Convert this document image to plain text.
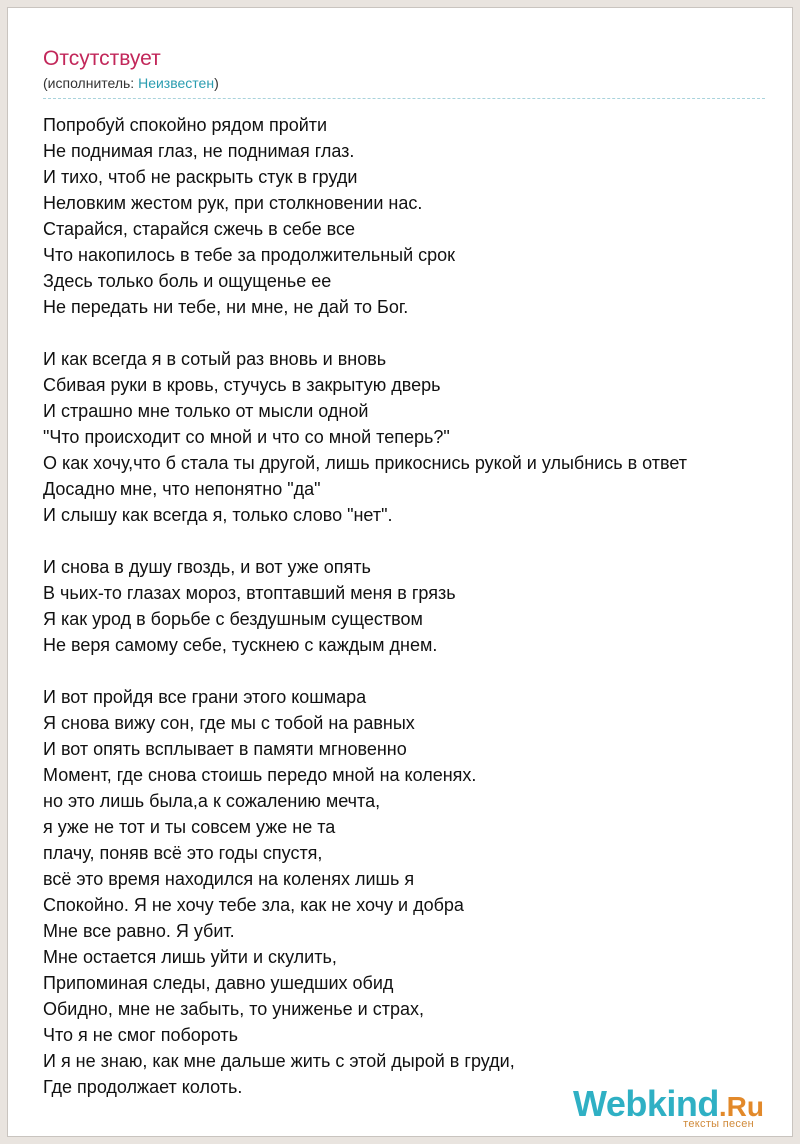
Отсутствует
(исполнитель: Неизвестен)
Попробуй спокойно рядом пройти
Не поднимая глаз, не поднимая глаз.
И тихо, чтоб не раскрыть стук в груди
Неловким жестом рук, при столкновении нас.
Старайся, старайся сжечь в себе все
Что накопилось в тебе за продолжительный срок
Здесь только боль и ощущенье ее
Не передать ни тебе, ни мне, не дай то Бог.
И как всегда я в сотый раз вновь и вновь
Сбивая руки в кровь, стучусь в закрытую дверь
И страшно мне только от мысли одной
"Что происходит со мной и что со мной теперь?"
О как хочу,что б стала ты другой, лишь прикоснись рукой и улыбнись в ответ
Досадно мне, что непонятно "да"
И слышу как всегда я, только слово "нет".
И снова в душу гвоздь, и вот уже опять
В чьих-то глазах мороз, втоптавший меня в грязь
Я как урод в борьбе с бездушным существом
Не веря самому себе, тускнею с каждым днем.
И вот пройдя все грани этого кошмара
Я снова вижу сон, где мы с тобой на равных
И вот опять всплывает в памяти мгновенно
Момент, где снова стоишь передо мной на коленях.
но это лишь была,а к сожалению мечта,
я уже не тот и ты совсем уже не та
плачу, поняв всё это годы спустя,
всё это время находился на коленях лишь я
Спокойно. Я не хочу тебе зла, как не хочу и добра
Мне все равно. Я убит.
Мне остается лишь уйти и скулить,
Припоминая следы, давно ушедших обид
Обидно, мне не забыть, то униженье и страх,
Что я не смог побороть
И я не знаю, как мне дальше жить с этой дырой в груди,
Где продолжает колоть.	Webkind.Ru
тексты песен
